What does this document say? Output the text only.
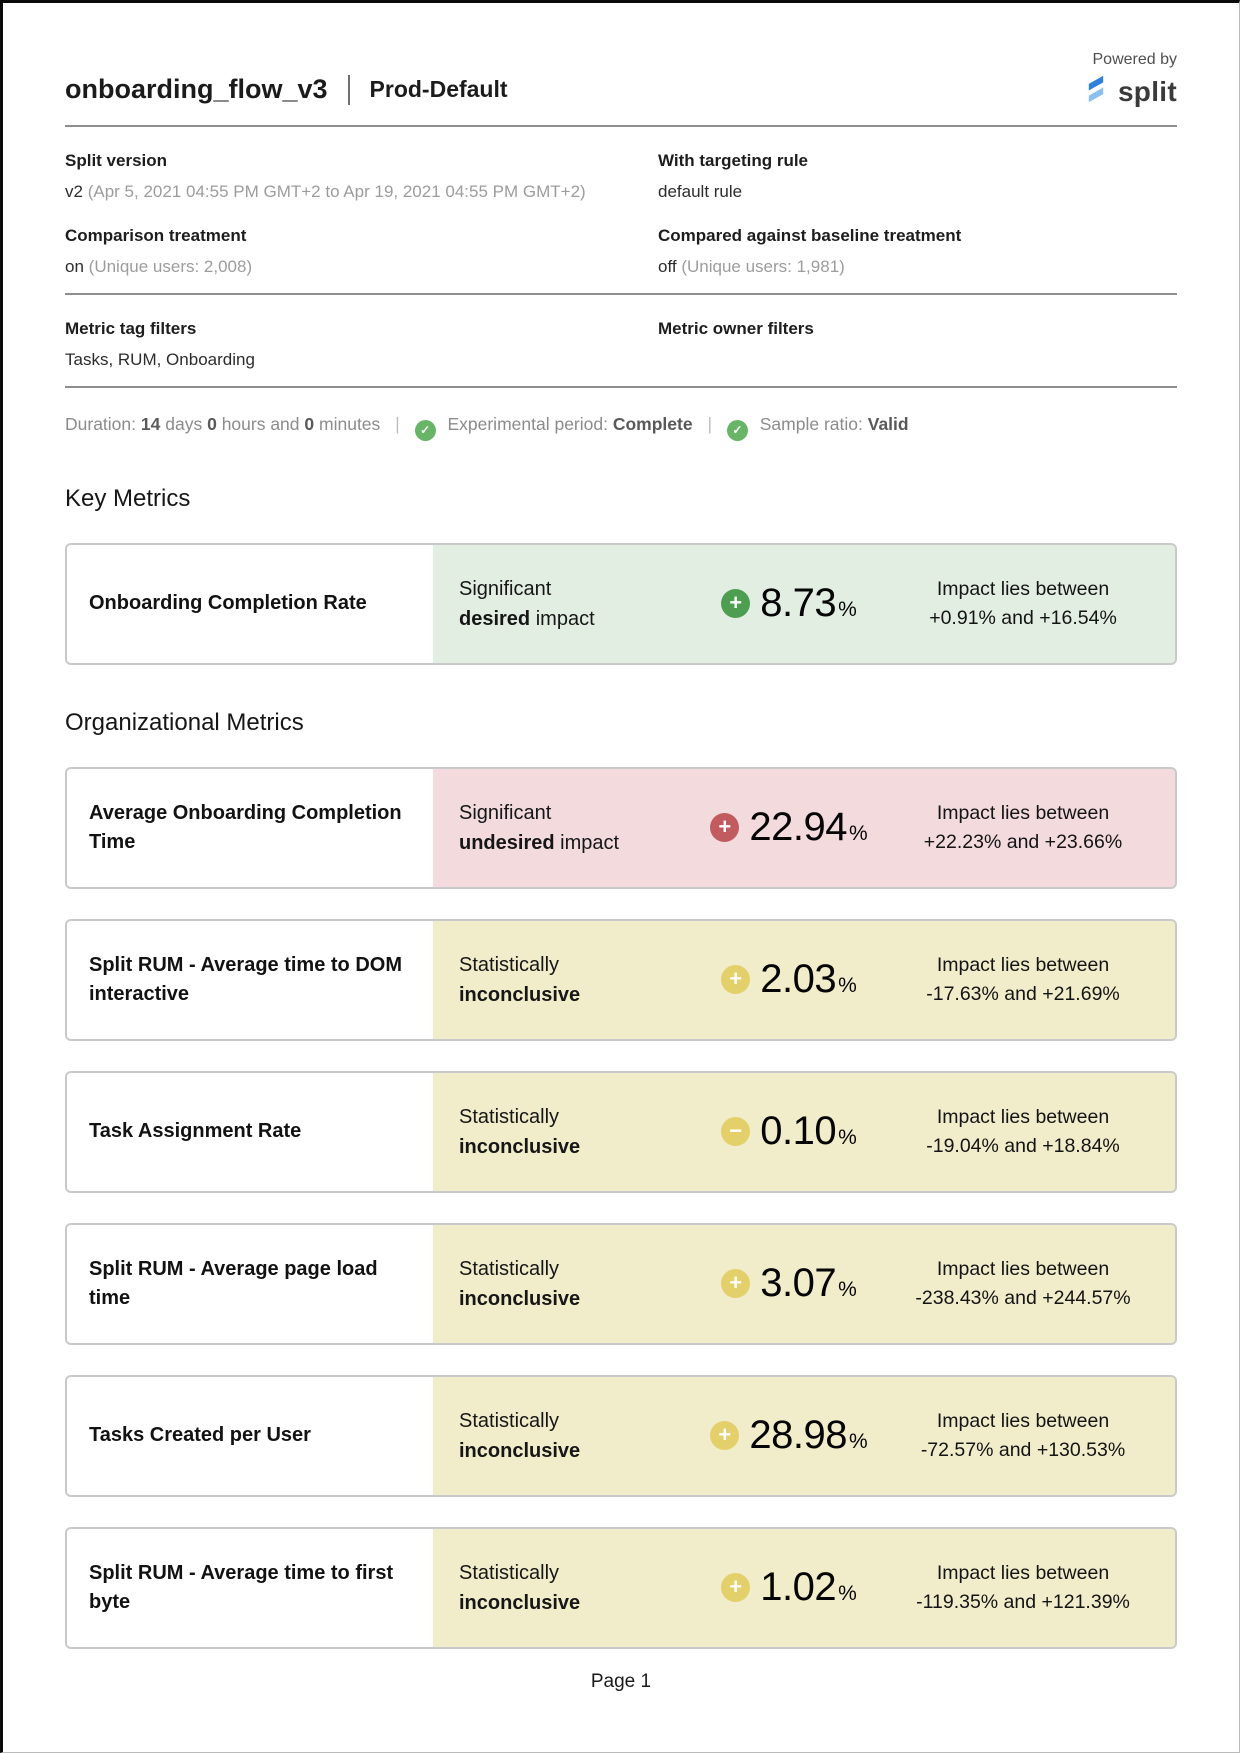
onboarding_flow_v3 Prod-Default
Powered by
split
Split version
v2 (Apr 5, 2021 04:55 PM GMT+2 to Apr 19, 2021 04:55 PM GMT+2)
With targeting rule
default rule
Comparison treatment
on (Unique users: 2,008)
Compared against baseline treatment
off (Unique users: 1,981)
Metric tag filters
Tasks, RUM, Onboarding
Metric owner filters
Duration: 14 days 0 hours and 0 minutes | ✓ Experimental period: Complete | ✓ Sample ratio: Valid
Key Metrics
Onboarding Completion Rate
Significant
desired impact
+ 8.73 %
Impact lies between
+0.91% and +16.54%
Organizational Metrics
Average Onboarding Completion Time
Significant
undesired impact
+ 22.94 %
Impact lies between
+22.23% and +23.66%
Split RUM - Average time to DOM interactive
Statistically
inconclusive
+ 2.03 %
Impact lies between
-17.63% and +21.69%
Task Assignment Rate
Statistically
inconclusive
− 0.10 %
Impact lies between
-19.04% and +18.84%
Split RUM - Average page load time
Statistically
inconclusive
+ 3.07 %
Impact lies between
-238.43% and +244.57%
Tasks Created per User
Statistically
inconclusive
+ 28.98 %
Impact lies between
-72.57% and +130.53%
Split RUM - Average time to first byte
Statistically
inconclusive
+ 1.02 %
Impact lies between
-119.35% and +121.39%
Page 1
